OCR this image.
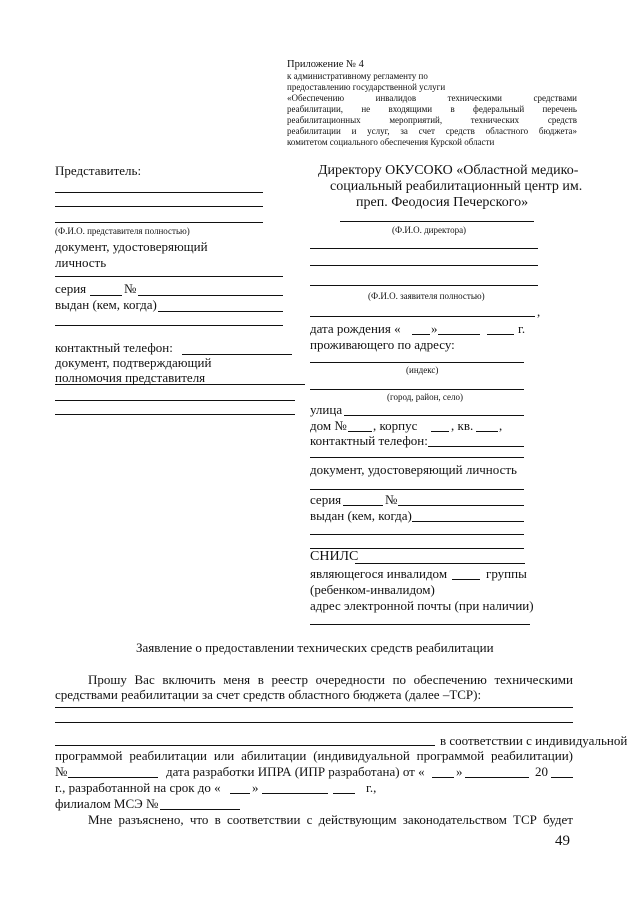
Приложение № 4
к административному регламенту по
предоставлению государственной услуги
«Обеспечению инвалидов техническими средствами
реабилитации, не входящими в федеральный перечень
реабилитационных мероприятий, технических средств
реабилитации и услуг, за счет средств областного бюджета»
комитетом социального обеспечения Курской области
Представитель:
(Ф.И.О. представителя полностью)
документ, удостоверяющий
личность
серия	№
выдан (кем, когда)
контактный телефон:
документ, подтверждающий
полномочия представителя
Директору ОКУСОКО «Областной медико-
социальный реабилитационный центр им.
преп. Феодосия Печерского»
(Ф.И.О. директора)
(Ф.И.О. заявителя полностью)
,
дата рождения « »	г.
проживающего по адресу:
(индекс)
(город, район, село)
улица
дом № , корпус	, кв. ,
контактный телефон:
документ, удостоверяющий личность
серия	№
выдан (кем, когда)
СНИЛС
являющегося инвалидом	группы
(ребенком-инвалидом)
адрес электронной почты (при наличии)
Заявление о предоставлении технических средств реабилитации
Прошу Вас включить меня в реестр очередности по обеспечению техническими
средствами реабилитации за счет средств областного бюджета (далее –ТСР):
в соответствии с индивидуальной
программой реабилитации или абилитации (индивидуальной программой реабилитации)
№	дата разработки ИПРА (ИПР разработана) от « »	20
г., разработанной на срок до « »	г.,
филиалом МСЭ №
Мне разъяснено, что в соответствии с действующим законодательством ТСР будет
49
